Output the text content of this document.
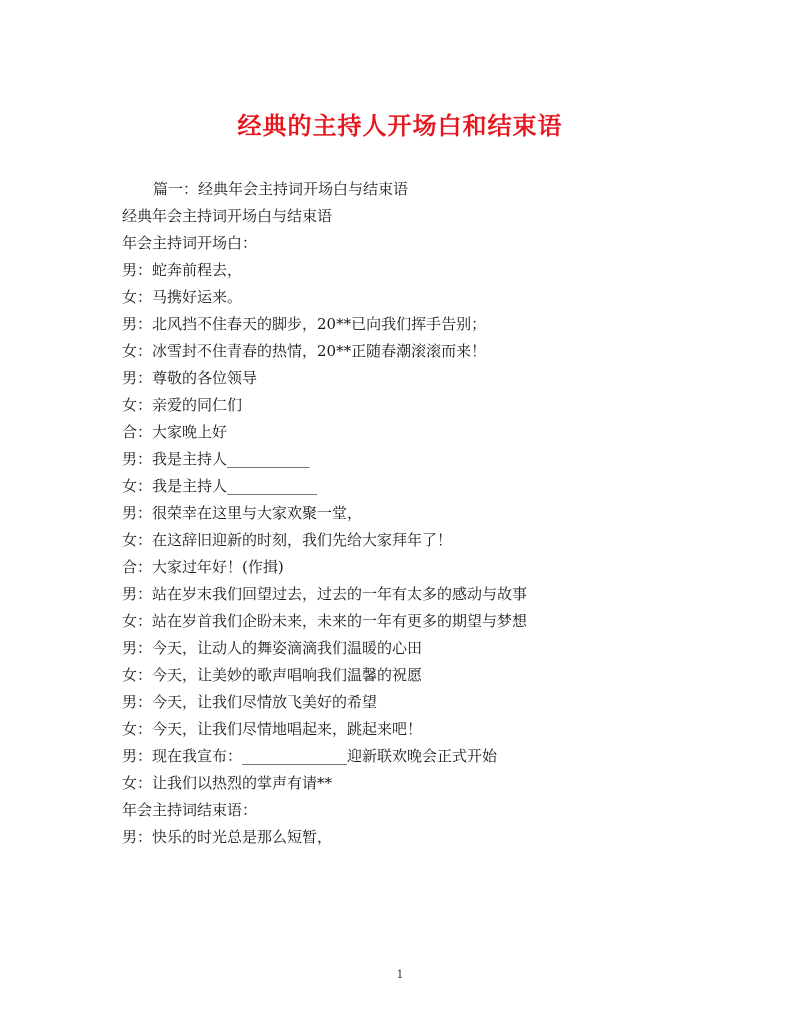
经典的主持人开场白和结束语

篇一：经典年会主持词开场白与结束语

经典年会主持词开场白与结束语

年会主持词开场白：

男：蛇奔前程去，

女：马携好运来。

男：北风挡不住春天的脚步，20**已向我们挥手告别；

女：冰雪封不住青春的热情，20**正随春潮滚滚而来！

男：尊敬的各位领导

女：亲爱的同仁们

合：大家晚上好

男：我是主持人___________

女：我是主持人____________

男：很荣幸在这里与大家欢聚一堂，

女：在这辞旧迎新的时刻，我们先给大家拜年了！

合：大家过年好！(作揖)

男：站在岁末我们回望过去，过去的一年有太多的感动与故事

女：站在岁首我们企盼未来，未来的一年有更多的期望与梦想

男：今天，让动人的舞姿滴滴我们温暖的心田

女：今天，让美妙的歌声唱响我们温馨的祝愿

男：今天，让我们尽情放飞美好的希望

女：今天，让我们尽情地唱起来，跳起来吧！

男：现在我宣布：______________迎新联欢晚会正式开始

女：让我们以热烈的掌声有请**

年会主持词结束语：

男：快乐的时光总是那么短暂，

1
